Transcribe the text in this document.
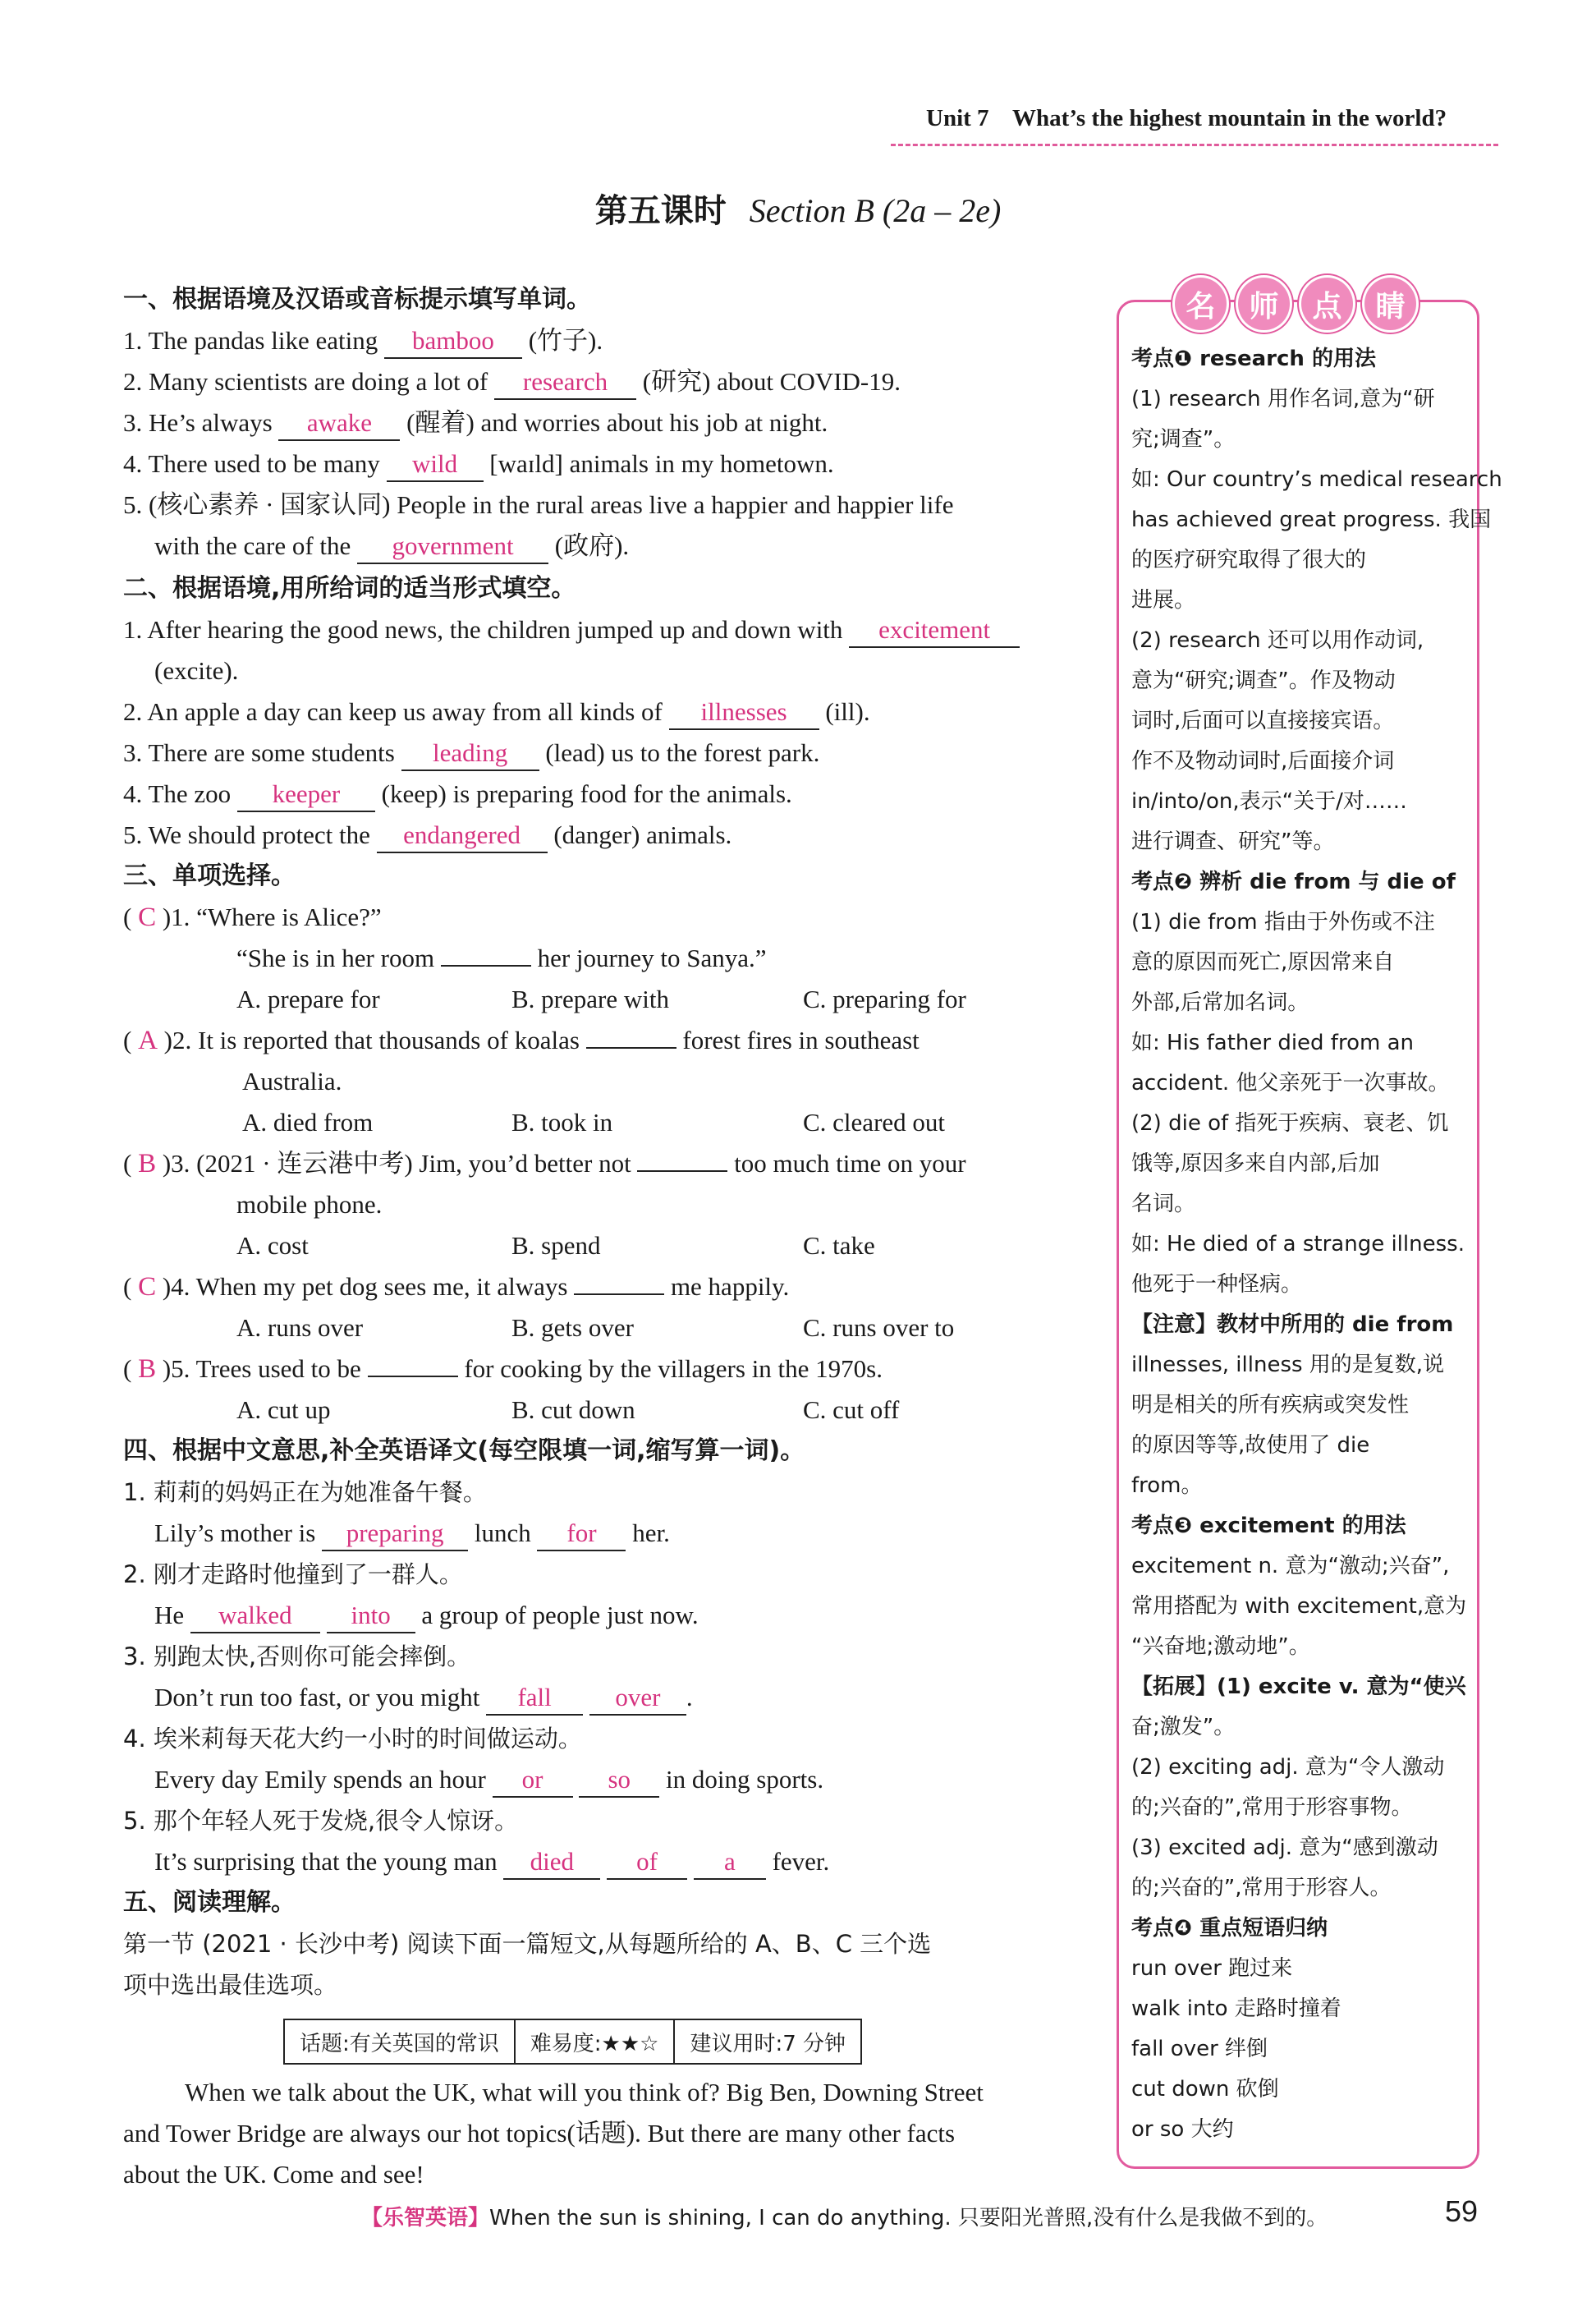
Unit 7 What’s the highest mountain in the world?
第五课时 Section B (2a – 2e)
一、根据语境及汉语或音标提示填写单词。
1. The pandas like eating bamboo (竹子).
2. Many scientists are doing a lot of research (研究) about COVID-19.
3. He’s always awake (醒着) and worries about his job at night.
4. There used to be many wild [waɪld] animals in my hometown.
5. (核心素养 · 国家认同) People in the rural areas live a happier and happier life
with the care of the government (政府).
二、根据语境,用所给词的适当形式填空。
1. After hearing the good news, the children jumped up and down with excitement
(excite).
2. An apple a day can keep us away from all kinds of illnesses (ill).
3. There are some students leading (lead) us to the forest park.
4. The zoo keeper (keep) is preparing food for the animals.
5. We should protect the endangered (danger) animals.
三、单项选择。
( C )1. “Where is Alice?”
“She is in her room	her journey to Sanya.”
A. prepare for	B. prepare with	C. preparing for
( A )2. It is reported that thousands of koalas	forest fires in southeast
Australia.
A. died from	B. took in	C. cleared out
( B )3. (2021 · 连云港中考) Jim, you’d better not	too much time on your
mobile phone.
A. cost	B. spend	C. take
( C )4. When my pet dog sees me, it always	me happily.
A. runs over	B. gets over	C. runs over to
( B )5. Trees used to be	for cooking by the villagers in the 1970s.
A. cut up	B. cut down	C. cut off
四、根据中文意思,补全英语译文(每空限填一词,缩写算一词)。
1. 莉莉的妈妈正在为她准备午餐。
Lily’s mother is preparing lunch for her.
2. 刚才走路时他撞到了一群人。
He walked into a group of people just now.
3. 别跑太快,否则你可能会摔倒。
Don’t run too fast, or you might fall	over .
4. 埃米莉每天花大约一小时的时间做运动。
Every day Emily spends an hour or	so in doing sports.
5. 那个年轻人死于发烧,很令人惊讶。
It’s surprising that the young man died of	a fever.
五、阅读理解。
第一节 (2021 · 长沙中考) 阅读下面一篇短文,从每题所给的 A、B、C 三个选
项中选出最佳选项。
话题:有关英国的常识	难易度:★★☆	建议用时:7 分钟
When we talk about the UK, what will you think of? Big Ben, Downing Street
and Tower Bridge are always our hot topics(话题). But there are many other facts
about the UK. Come and see!
名	师	点	睛
考点❶ research 的用法
(1) research 用作名词,意为“研
究;调查”。
如: Our country’s medical research
has achieved great progress. 我国
的医疗研究取得了很大的
进展。
(2) research 还可以用作动词,
意为“研究;调查”。作及物动
词时,后面可以直接接宾语。
作不及物动词时,后面接介词
in/into/on,表示“关于/对……
进行调查、研究”等。
考点❷ 辨析 die from 与 die of
(1) die from 指由于外伤或不注
意的原因而死亡,原因常来自
外部,后常加名词。
如: His father died from an
accident. 他父亲死于一次事故。
(2) die of 指死于疾病、衰老、饥
饿等,原因多来自内部,后加
名词。
如: He died of a strange illness.
他死于一种怪病。
【注意】教材中所用的 die from
illnesses, illness 用的是复数,说
明是相关的所有疾病或突发性
的原因等等,故使用了 die
from。
考点❸ excitement 的用法
excitement n. 意为“激动;兴奋”,
常用搭配为 with excitement,意为
“兴奋地;激动地”。
【拓展】(1) excite v. 意为“使兴
奋;激发”。
(2) exciting adj. 意为“令人激动
的;兴奋的”,常用于形容事物。
(3) excited adj. 意为“感到激动
的;兴奋的”,常用于形容人。
考点❹ 重点短语归纳
run over 跑过来
walk into 走路时撞着
fall over 绊倒
cut down 砍倒
or so 大约
【乐智英语】When the sun is shining, I can do anything. 只要阳光普照,没有什么是我做不到的。	59
